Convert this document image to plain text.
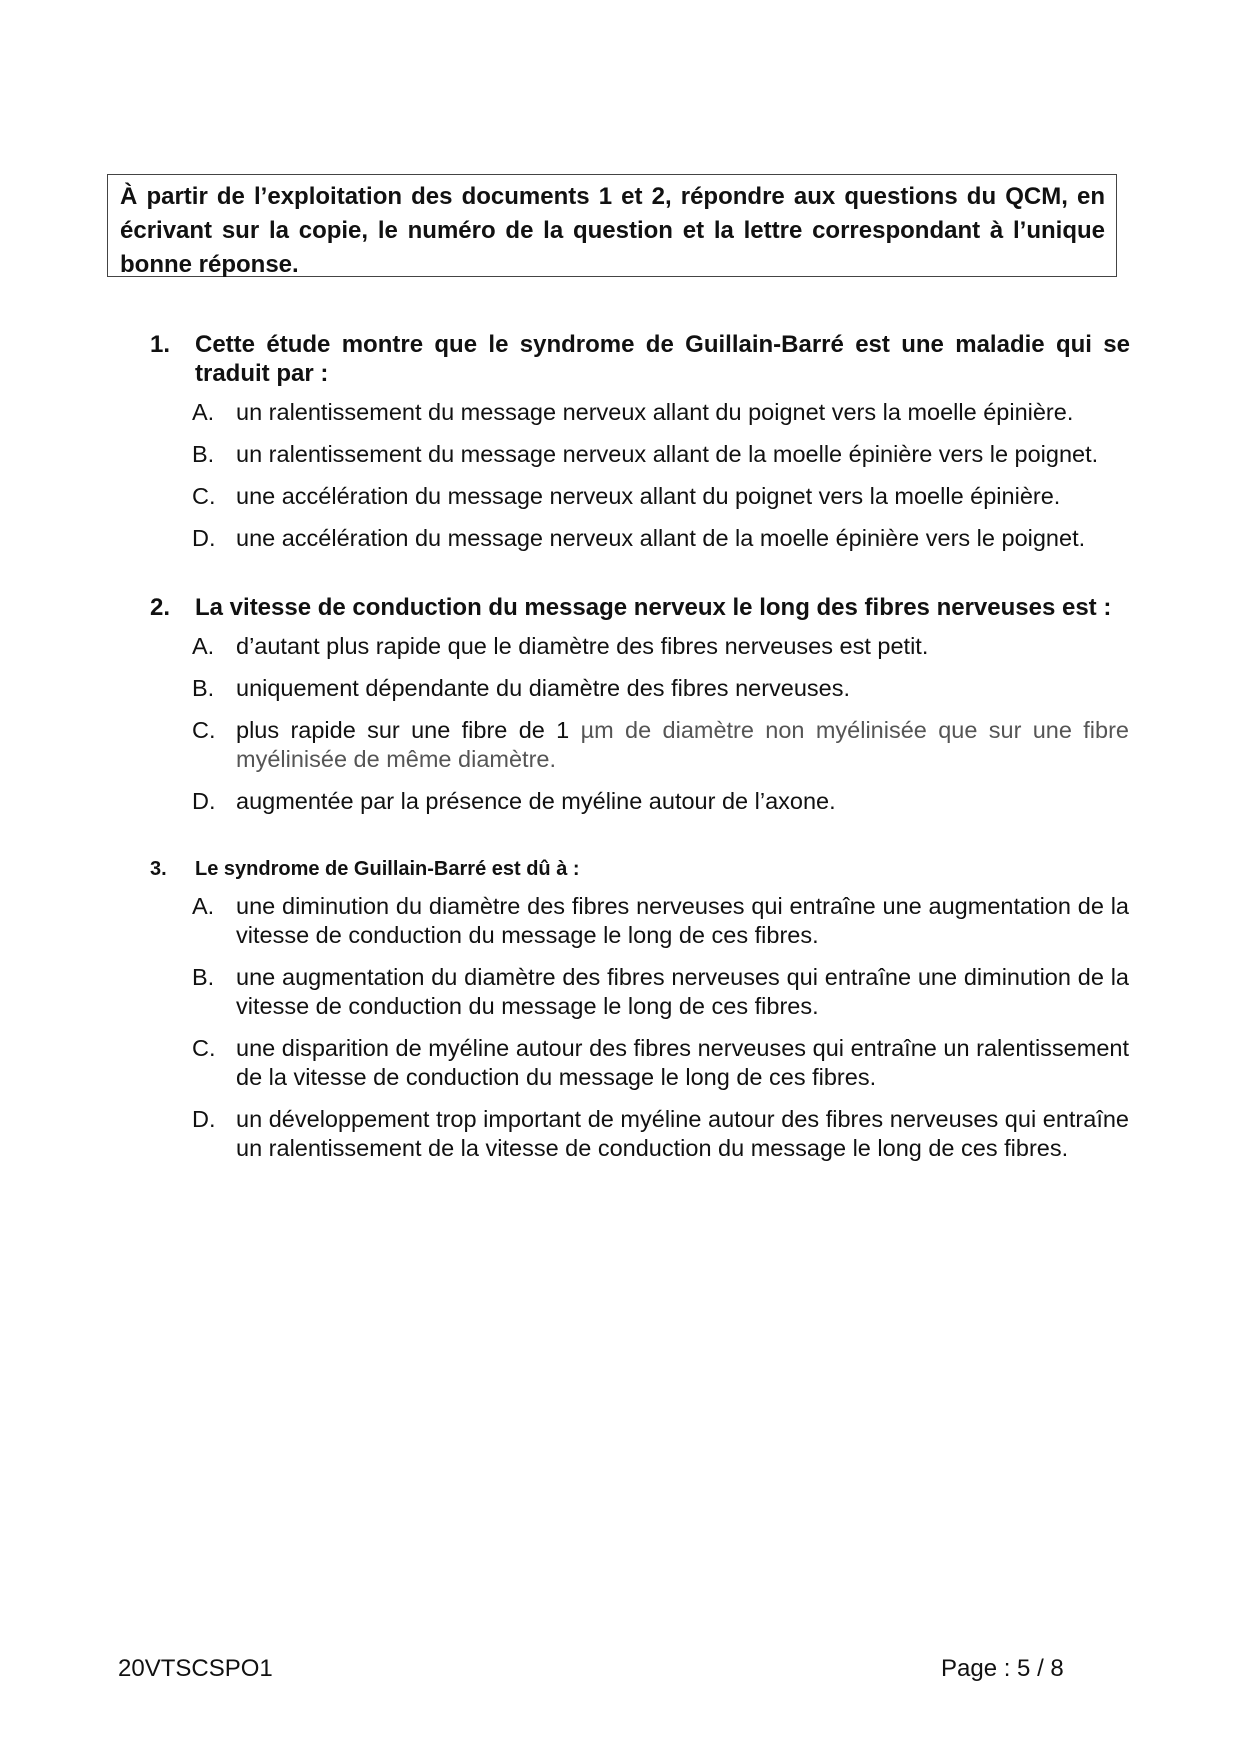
À partir de l’exploitation des documents 1 et 2, répondre aux questions du QCM, en écrivant sur la copie, le numéro de la question et la lettre correspondant à l’unique bonne réponse.
1.	Cette étude montre que le syndrome de Guillain-Barré est une maladie qui se traduit par :
A. un ralentissement du message nerveux allant du poignet vers la moelle épinière.
B. un ralentissement du message nerveux allant de la moelle épinière vers le poignet.
C. une accélération du message nerveux allant du poignet vers la moelle épinière.
D. une accélération du message nerveux allant de la moelle épinière vers le poignet.
2.	La vitesse de conduction du message nerveux le long des fibres nerveuses est :
A. d’autant plus rapide que le diamètre des fibres nerveuses est petit.
B. uniquement dépendante du diamètre des fibres nerveuses.
C. plus rapide sur une fibre de 1 µm de diamètre non myélinisée que sur une fibre myélinisée de même diamètre.
D. augmentée par la présence de myéline autour de l’axone.
3.	Le syndrome de Guillain-Barré est dû à :
A. une diminution du diamètre des fibres nerveuses qui entraîne une augmentation de la vitesse de conduction du message le long de ces fibres.
B. une augmentation du diamètre des fibres nerveuses qui entraîne une diminution de la vitesse de conduction du message le long de ces fibres.
C. une disparition de myéline autour des fibres nerveuses qui entraîne un ralentissement de la vitesse de conduction du message le long de ces fibres.
D. un développement trop important de myéline autour des fibres nerveuses qui entraîne un ralentissement de la vitesse de conduction du message le long de ces fibres.
20VTSCSPO1	Page : 5 / 8
